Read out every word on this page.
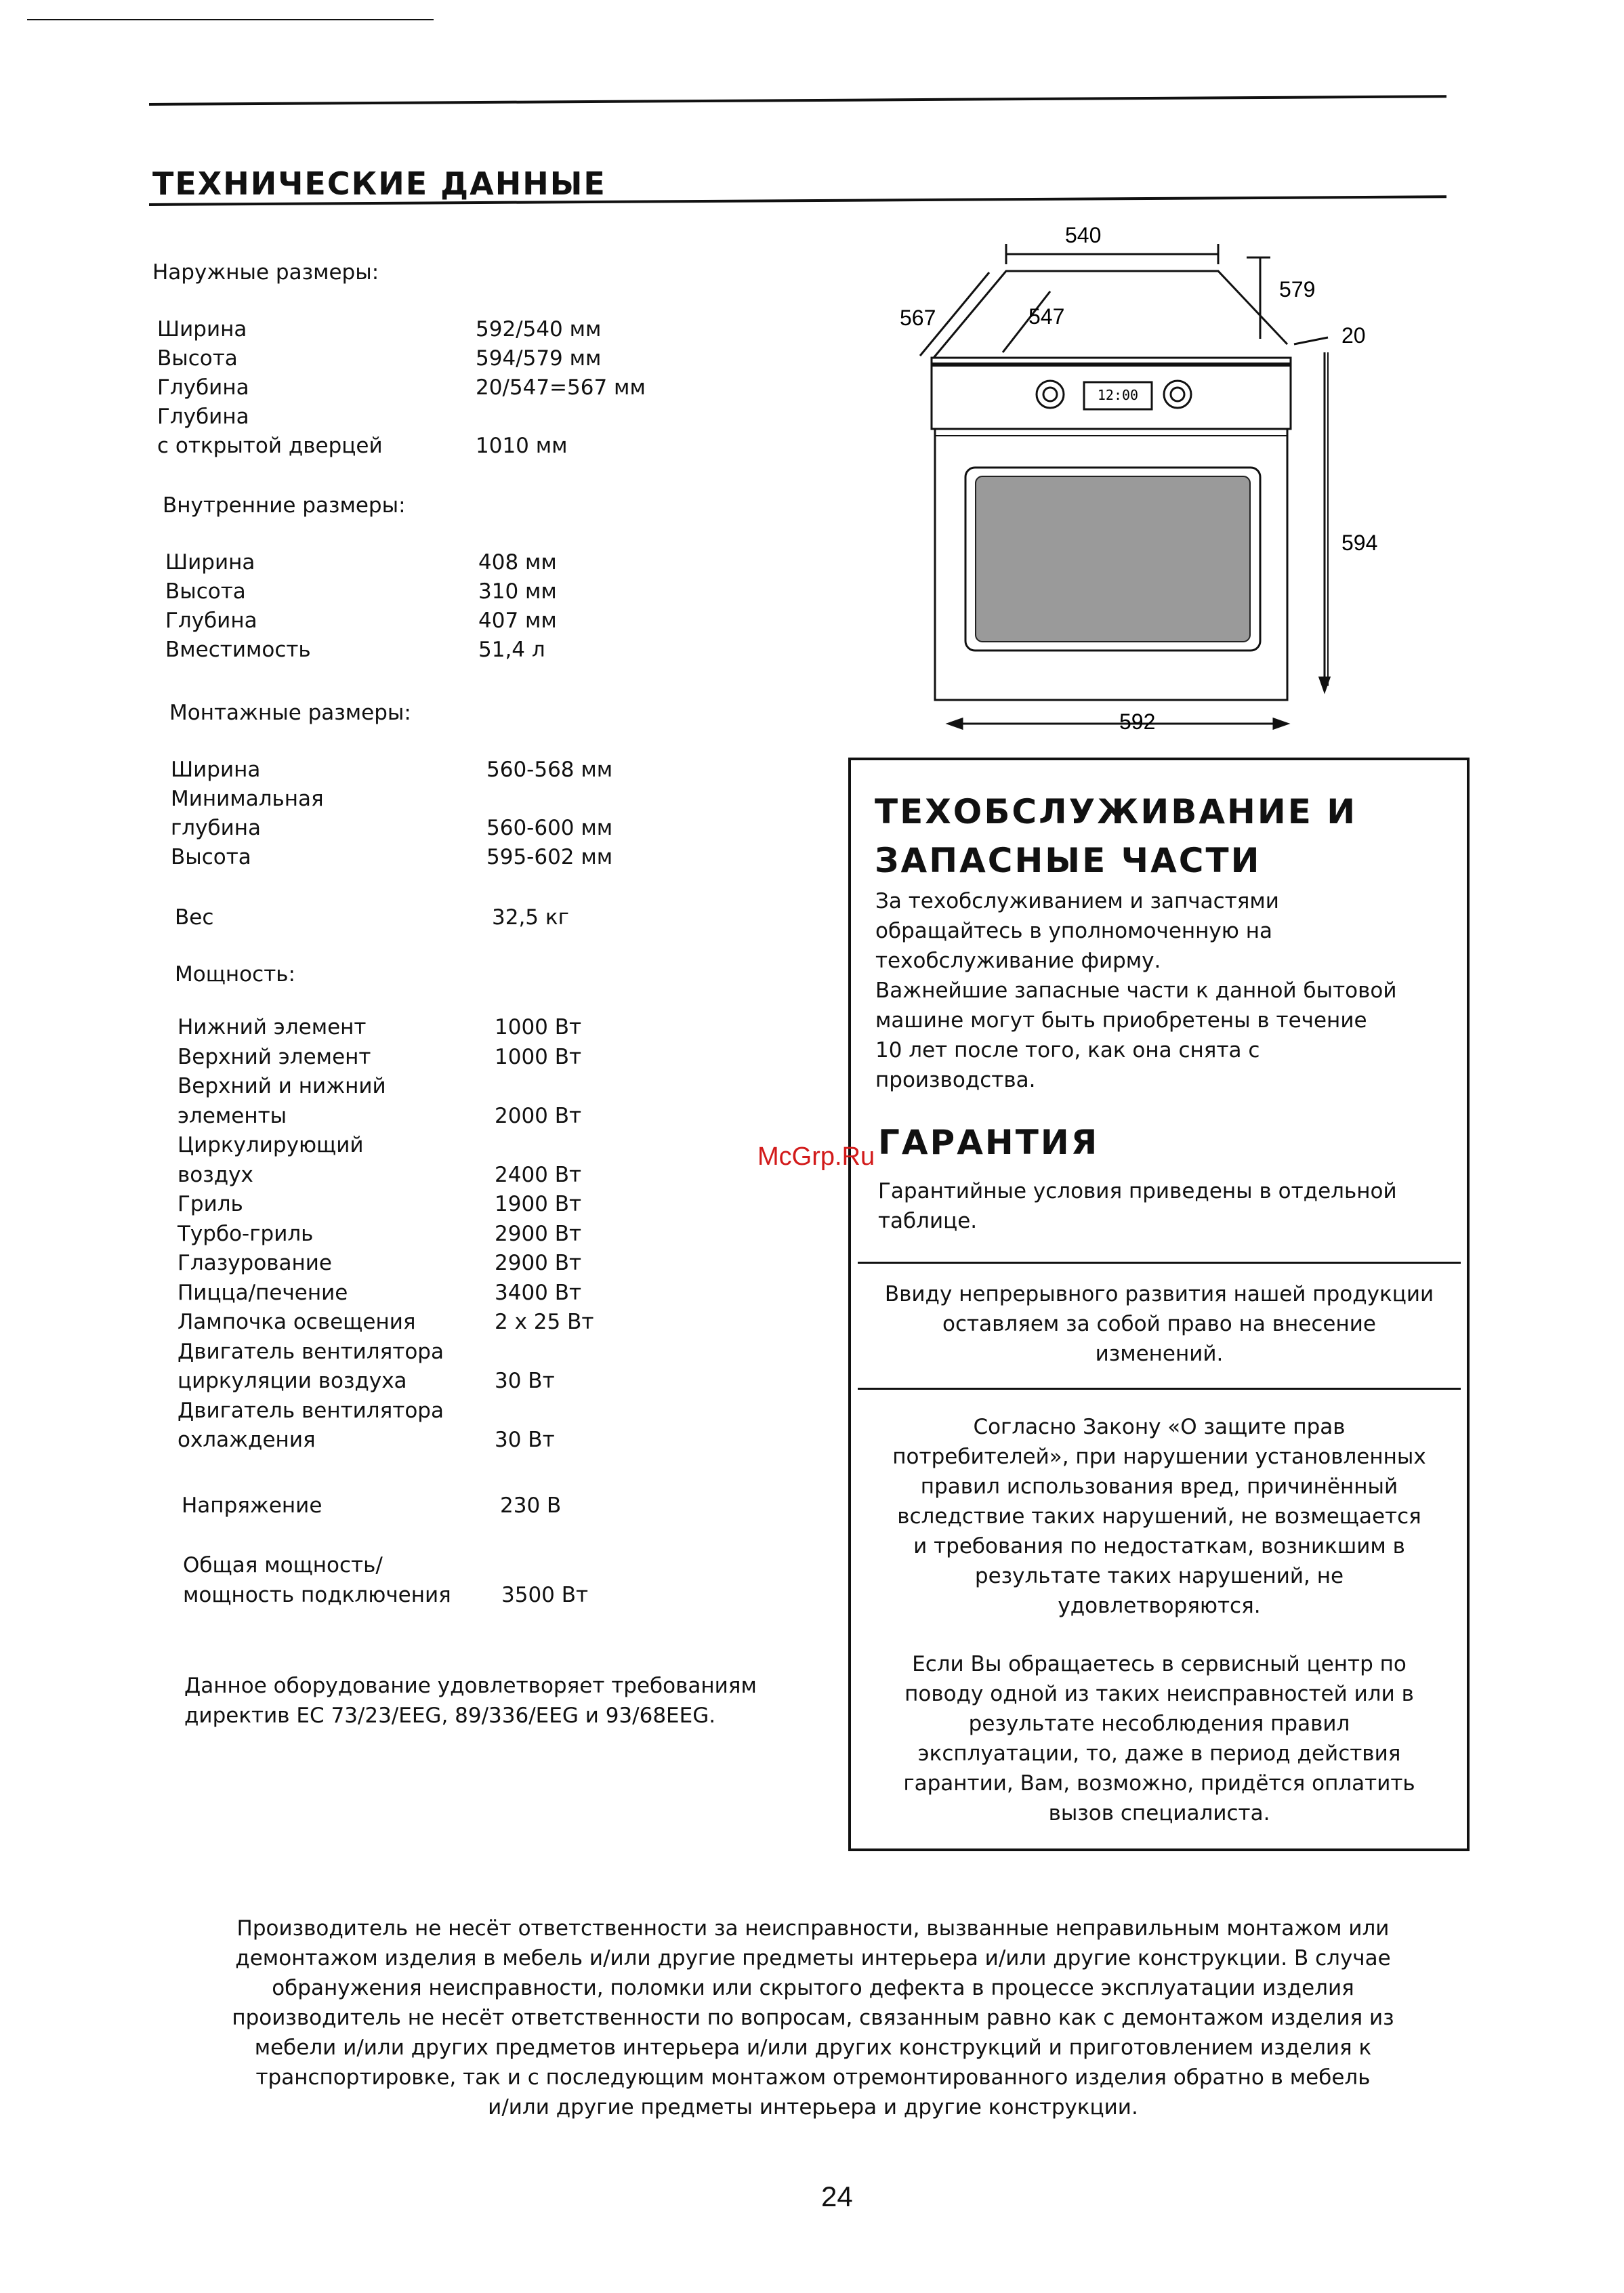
ТЕХНИЧЕСКИЕ ДАННЫЕ
Наружные размеры:
Ширина	592/540 мм
Высота	594/579 мм
Глубина	20/547=567 мм
Глубина
с открытой дверцей	1010 мм
Внутренние размеры:
Ширина	408 мм
Высота	310 мм
Глубина	407 мм
Вместимость	51,4 л
Монтажные размеры:
Ширина	560-568 мм
Минимальная
глубина	560-600 мм
Высота	595-602 мм
Вес	32,5 кг
Мощность:
Нижний элемент	1000 Вт
Верхний элемент	1000 Вт
Верхний и нижний
элементы	2000 Вт
Циркулирующий
воздух	2400 Вт
Гриль	1900 Вт
Турбо-гриль	2900 Вт
Глазурование	2900 Вт
Пицца/печение	3400 Вт
Лампочка освещения	2 x 25 Вт
Двигатель вентилятора
циркуляции воздуха	30 Вт
Двигатель вентилятора
охлаждения	30 Вт
Напряжение	230 В
Общая мощность/
мощность подключения 3500 Вт
Данное оборудование удовлетворяет требованиям
директив ЕС 73/23/EEG, 89/336/EEG и 93/68EEG.
540
567	547
579
20
594
592
12:00
ТЕХОБСЛУЖИВАНИЕ И
ЗАПАСНЫЕ ЧАСТИ
За техобслуживанием и запчастями
обращайтесь в уполномоченную на
техобслуживание фирму.
Важнейшие запасные части к данной бытовой
машине могут быть приобретены в течение
10 лет после того, как она снята с
производства.
ГАРАНТИЯ
Гарантийные условия приведены в отдельной
таблице.
Ввиду непрерывного развития нашей продукции
оставляем за собой право на внесение
изменений.
Согласно Закону «О защите прав
потребителей», при нарушении установленных
правил использования вред, причинённый
вследствие таких нарушений, не возмещается
и требования по недостаткам, возникшим в
результате таких нарушений, не
удовлетворяются.
Если Вы обращаетесь в сервисный центр по
поводу одной из таких неисправностей или в
результате несоблюдения правил
эксплуатации, то, даже в период действия
гарантии, Вам, возможно, придётся оплатить
вызов специалиста.
McGrp.Ru
Производитель не несёт ответственности за неисправности, вызванные неправильным монтажом или
демонтажом изделия в мебель и/или другие предметы интерьера и/или другие конструкции. В случае
обранужения неисправности, поломки или скрытого дефекта в процессе эксплуатации изделия
производитель не несёт ответственности по вопросам, связанным равно как с демонтажом изделия из
мебели и/или других предметов интерьера и/или других конструкций и приготовлением изделия к
транспортировке, так и с последующим монтажом отремонтированного изделия обратно в мебель
и/или другие предметы интерьера и другие конструкции.
24
